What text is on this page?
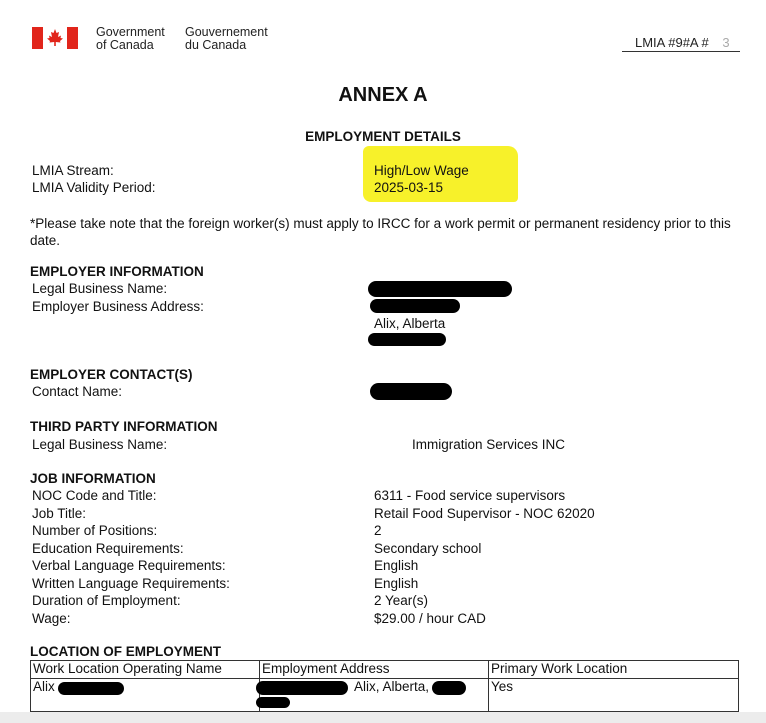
Government
of Canada
Gouvernement
du Canada	LMIA #9#A # 3
ANNEX A
EMPLOYMENT DETAILS
LMIA Stream:	High/Low Wage
LMIA Validity Period:	2025-03-15
*Please take note that the foreign worker(s) must apply to IRCC for a work permit or permanent residency prior to this date.
EMPLOYER INFORMATION
Legal Business Name:
Employer Business Address:
Alix, Alberta
EMPLOYER CONTACT(S)
Contact Name:
THIRD PARTY INFORMATION
Legal Business Name:	Immigration Services INC
JOB INFORMATION
NOC Code and Title:	6311 - Food service supervisors
Job Title:	Retail Food Supervisor - NOC 62020
Number of Positions:	2
Education Requirements:	Secondary school
Verbal Language Requirements:	English
Written Language Requirements:	English
Duration of Employment:	2 Year(s)
Wage:	$29.00 / hour CAD
LOCATION OF EMPLOYMENT
Work Location Operating Name	Employment Address	Primary Work Location
Alix	Alix, Alberta,	Yes
